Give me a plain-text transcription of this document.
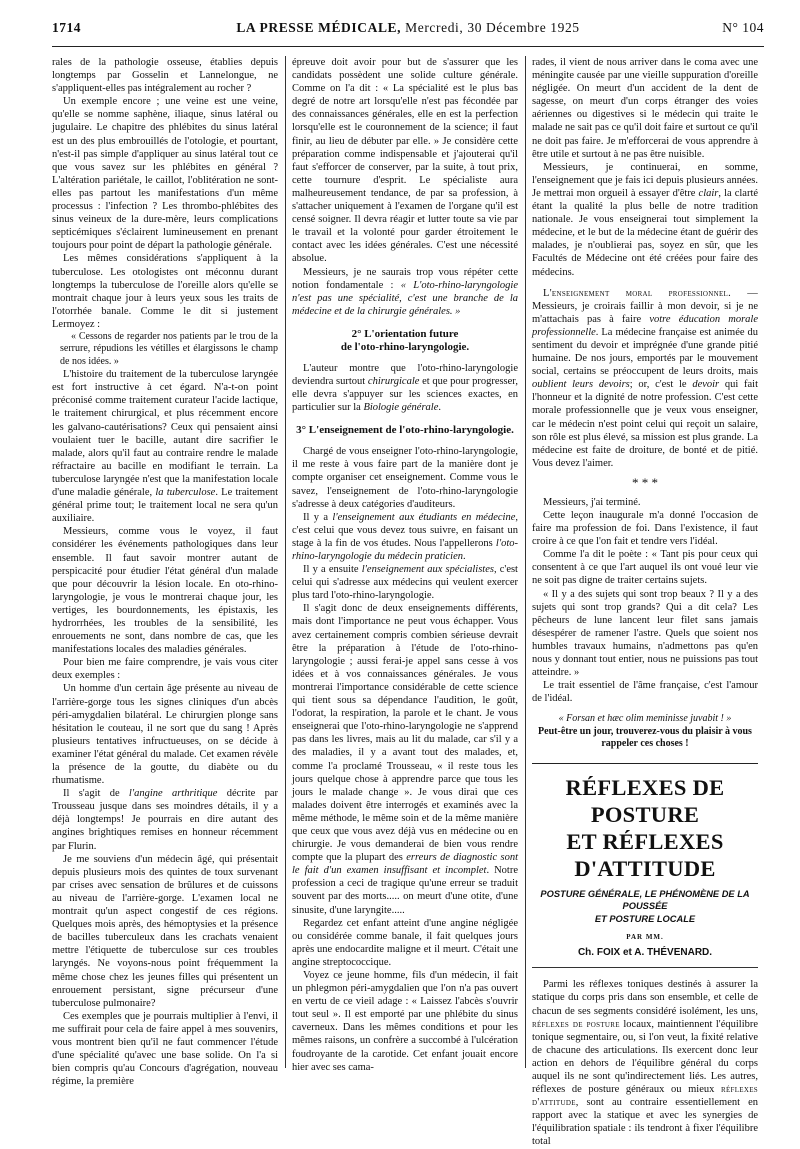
1714	LA PRESSE MÉDICALE, Mercredi, 30 Décembre 1925	N° 104

rales de la pathologie osseuse, établies depuis longtemps par Gosselin et Lannelongue, ne s'appliquent-elles pas intégralement au rocher ?

Un exemple encore ; une veine est une veine, qu'elle se nomme saphène, iliaque, sinus latéral ou jugulaire. Le chapitre des phlébites du sinus latéral est un des plus embrouillés de l'otologie, et pourtant, n'est-il pas simple d'appliquer au sinus latéral tout ce que vous savez sur les phlébites en général ? L'altération pariétale, le caillot, l'oblitération ne sont-elles pas partout les manifestations d'un même processus : l'infection ? Les thrombo-phlébites des sinus veineux de la dure-mère, leurs complications septicémiques s'éclairent lumineusement en prenant toujours pour point de départ la pathologie générale.

Les mêmes considérations s'appliquent à la tuberculose. Les otologistes ont méconnu durant longtemps la tuberculose de l'oreille alors qu'elle se montrait chaque jour à leurs yeux sous les traits de l'otorrhée banale. Comme le dit si justement Lermoyez :

« Cessons de regarder nos patients par le trou de la serrure, répudions les vétilles et élargissons le champ de nos idées. »

L'histoire du traitement de la tuberculose laryngée est fort instructive à cet égard. N'a-t-on point préconisé comme traitement curateur l'acide lactique, le traitement chirurgical, et plus récemment encore les galvano-cautérisations? Ceux qui pensaient ainsi voulaient tuer le bacille, autant dire sacrifier le malade, alors qu'il faut au contraire rendre le malade réfractaire au bacille en modifiant le terrain. La tuberculose laryngée n'est que la manifestation locale d'une maladie générale, la tuberculose. Le traitement général prime tout; le traitement local ne sera qu'un auxiliaire.

Messieurs, comme vous le voyez, il faut considérer les événements pathologiques dans leur ensemble. Il faut savoir montrer autant de perspicacité pour étudier l'état général d'un malade que pour découvrir la lésion locale. En oto-rhino-laryngologie, je vous le montrerai chaque jour, les vertiges, les bourdonnements, les épistaxis, les hydrorrhées, les troubles de la sensibilité, les enrouements ne sont, dans nombre de cas, que les manifestations locales des maladies générales.

Pour bien me faire comprendre, je vais vous citer deux exemples :

Un homme d'un certain âge présente au niveau de l'arrière-gorge tous les signes cliniques d'un abcès péri-amygdalien bilatéral. Le chirurgien plonge sans hésitation le couteau, il ne sort que du sang ! Après plusieurs tentatives infructueuses, on se décide à examiner l'état général du malade. Cet examen révèle la présence de la goutte, du diabète ou du rhumatisme.

Il s'agit de l'angine arthritique décrite par Trousseau jusque dans ses moindres détails, il y a déjà longtemps! Je pourrais en dire autant des angines brightiques remises en honneur récemment par Flurin.

Je me souviens d'un médecin âgé, qui présentait depuis plusieurs mois des quintes de toux survenant par crises avec sensation de brûlures et de cuissons au niveau de l'arrière-gorge. L'examen local ne montrait qu'un aspect congestif de ces régions. Quelques mois après, des hémoptysies et la présence de bacilles tuberculeux dans les crachats venaient mettre l'étiquette de tuberculose sur ces troubles laryngés. Ne voyons-nous point fréquemment la même chose chez les jeunes filles qui présentent un enrouement persistant, signe précurseur d'une tuberculose pulmonaire?

Ces exemples que je pourrais multiplier à l'envi, il me suffirait pour cela de faire appel à mes souvenirs, vous montrent bien qu'il ne faut commencer l'étude d'une spécialité qu'avec une base solide. On l'a si bien compris qu'au Concours d'agrégation, nouveau régime, la première

épreuve doit avoir pour but de s'assurer que les candidats possèdent une solide culture générale. Comme on l'a dit : « La spécialité est le plus bas degré de notre art lorsqu'elle n'est pas fécondée par des connaissances générales, elle en est la perfection lorsqu'elle est le couronnement de la science; il faut finir, au lieu de débuter par elle. » Je considère cette préparation comme indispensable et j'ajouterai qu'il faut s'efforcer de conserver, par la suite, à tout prix, cette tournure d'esprit. Le spécialiste aura malheureusement tendance, de par sa profession, à s'attacher uniquement à l'examen de l'organe qu'il est censé soigner. Il devra réagir et lutter toute sa vie par le travail et la volonté pour garder étroitement le contact avec les idées générales. C'est une nécessité absolue.

Messieurs, je ne saurais trop vous répéter cette notion fondamentale : « L'oto-rhino-laryngologie n'est pas une spécialité, c'est une branche de la médecine et de la chirurgie générales. »

2° L'orientation future
de l'oto-rhino-laryngologie.

L'auteur montre que l'oto-rhino-laryngologie deviendra surtout chirurgicale et que pour progresser, elle devra s'appuyer sur les sciences exactes, en particulier sur la Biologie générale.

3° L'enseignement de l'oto-rhino-laryngologie.

Chargé de vous enseigner l'oto-rhino-laryngologie, il me reste à vous faire part de la manière dont je compte organiser cet enseignement. Comme vous le savez, l'enseignement de l'oto-rhino-laryngologie s'adresse à deux catégories d'auditeurs.

Il y a l'enseignement aux étudiants en médecine, c'est celui que vous devez tous suivre, en faisant un stage à la fin de vos études. Nous l'appellerons l'oto-rhino-laryngologie du médecin praticien.

Il y a ensuite l'enseignement aux spécialistes, c'est celui qui s'adresse aux médecins qui veulent exercer plus tard l'oto-rhino-laryngologie.

Il s'agit donc de deux enseignements différents, mais dont l'importance ne peut vous échapper. Vous avez certainement compris combien sérieuse devrait être la préparation à l'étude de l'oto-rhino-laryngologie ; aussi ferai-je appel sans cesse à vos idées et à vos connaissances générales. Je vous montrerai l'importance considérable de cette science qui tient sous sa dépendance l'audition, le goût, l'odorat, la respiration, la parole et le chant. Je vous enseignerai que l'oto-rhino-laryngologie ne s'apprend pas dans les livres, mais au lit du malade, car s'il y a des maladies, il y a avant tout des malades, et, comme l'a proclamé Trousseau, « il reste tous les jours quelque chose à apprendre parce que tous les jours le malade change ». Je vous dirai que ces malades doivent être interrogés et examinés avec la même méthode, le même soin et de la même manière que ceux que vous avez déjà vus en médecine ou en chirurgie. Je vous demanderai de bien vous rendre compte que la plupart des erreurs de diagnostic sont le fait d'un examen insuffisant et incomplet. Notre profession a ceci de tragique qu'une erreur se traduit souvent par des morts..... on meurt d'une otite, d'une sinusite, d'une laryngite.....

Regardez cet enfant atteint d'une angine négligée ou considérée comme banale, il fait quelques jours après une endocardite maligne et il meurt. C'était une angine streptococcique.

Voyez ce jeune homme, fils d'un médecin, il fait un phlegmon péri-amygdalien que l'on n'a pas ouvert en vertu de ce vieil adage : « Laissez l'abcès s'ouvrir tout seul ». Il est emporté par une phlébite du sinus caverneux. Dans les mêmes conditions et pour les mêmes raisons, un confrère a succombé à l'ulcération foudroyante de la carotide. Cet enfant jouait encore hier avec ses cama-

rades, il vient de nous arriver dans le coma avec une méningite causée par une vieille suppuration d'oreille négligée. On meurt d'un accident de la dent de sagesse, on meurt d'un corps étranger des voies aériennes ou digestives si le médecin qui traite le malade ne sait pas ce qu'il doit faire et surtout ce qu'il ne doit pas faire. Je m'efforcerai de vous apprendre à être utile et surtout à ne pas être nuisible.

Messieurs, je continuerai, en somme, l'enseignement que je fais ici depuis plusieurs années. Je mettrai mon orgueil à essayer d'être clair, la clarté étant la qualité la plus belle de notre tradition nationale. Je vous enseignerai tout simplement la médecine, et le but de la médecine étant de guérir des malades, je n'oublierai pas, soyez en sûr, que les Facultés de Médecine ont été créées pour faire des médecins.

L'enseignement moral professionnel. — Messieurs, je croirais faillir à mon devoir, si je ne m'attachais pas à faire votre éducation morale professionnelle. La médecine française est animée du sentiment du devoir et imprégnée d'une grande pitié humaine. De nos jours, emportés par le mouvement social, certains se préoccupent de leurs droits, mais oublient leurs devoirs; or, c'est le devoir qui fait l'honneur et la dignité de notre profession. C'est cette morale professionnelle que je veux vous enseigner, car le médecin n'est point celui qui reçoit un salaire, son rôle est plus élevé, sa mission est plus grande. La médecine est faite de droiture, de bonté et de pitié. Vous devez l'aimer.

* * *

Messieurs, j'ai terminé.

Cette leçon inaugurale m'a donné l'occasion de faire ma profession de foi. Dans l'existence, il faut croire à ce que l'on fait et tendre vers l'idéal.

Comme l'a dit le poète : « Tant pis pour ceux qui consentent à ce que l'art auquel ils ont voué leur vie ne soit pas digne de traiter certains sujets.

« Il y a des sujets qui sont trop beaux ? Il y a des sujets qui sont trop grands? Qui a dit cela? Les pêcheurs de lune lancent leur filet sans jamais désespérer de ramener l'astre. Quels que soient nos humbles travaux humains, n'admettons pas qu'en nous y donnant tout entier, nous ne puissions pas tout atteindre. »

Le trait essentiel de l'âme française, c'est l'amour de l'idéal.

« Forsan et hæc olim meminisse juvabit ! »
Peut-être un jour, trouverez-vous du plaisir à vous rappeler ces choses !
RÉFLEXES DE POSTURE
ET RÉFLEXES D'ATTITUDE
POSTURE GÉNÉRALE, LE PHÉNOMÈNE DE LA POUSSÉE
ET POSTURE LOCALE
PAR MM.
Ch. FOIX et A. THÉVENARD.

Parmi les réflexes toniques destinés à assurer la statique du corps pris dans son ensemble, et celle de chacun de ses segments considéré isolément, les uns, réflexes de posture locaux, maintiennent l'équilibre tonique segmentaire, ou, si l'on veut, la fixité relative de chacune des articulations. Ils exercent donc leur action en dehors de l'équilibre général du corps auquel ils ne sont qu'indirectement liés. Les autres, réflexes de posture généraux ou mieux réflexes d'attitude, sont au contraire essentiellement en rapport avec la statique et avec les synergies de l'équilibration spatiale : ils tendront à fixer l'équilibre total
